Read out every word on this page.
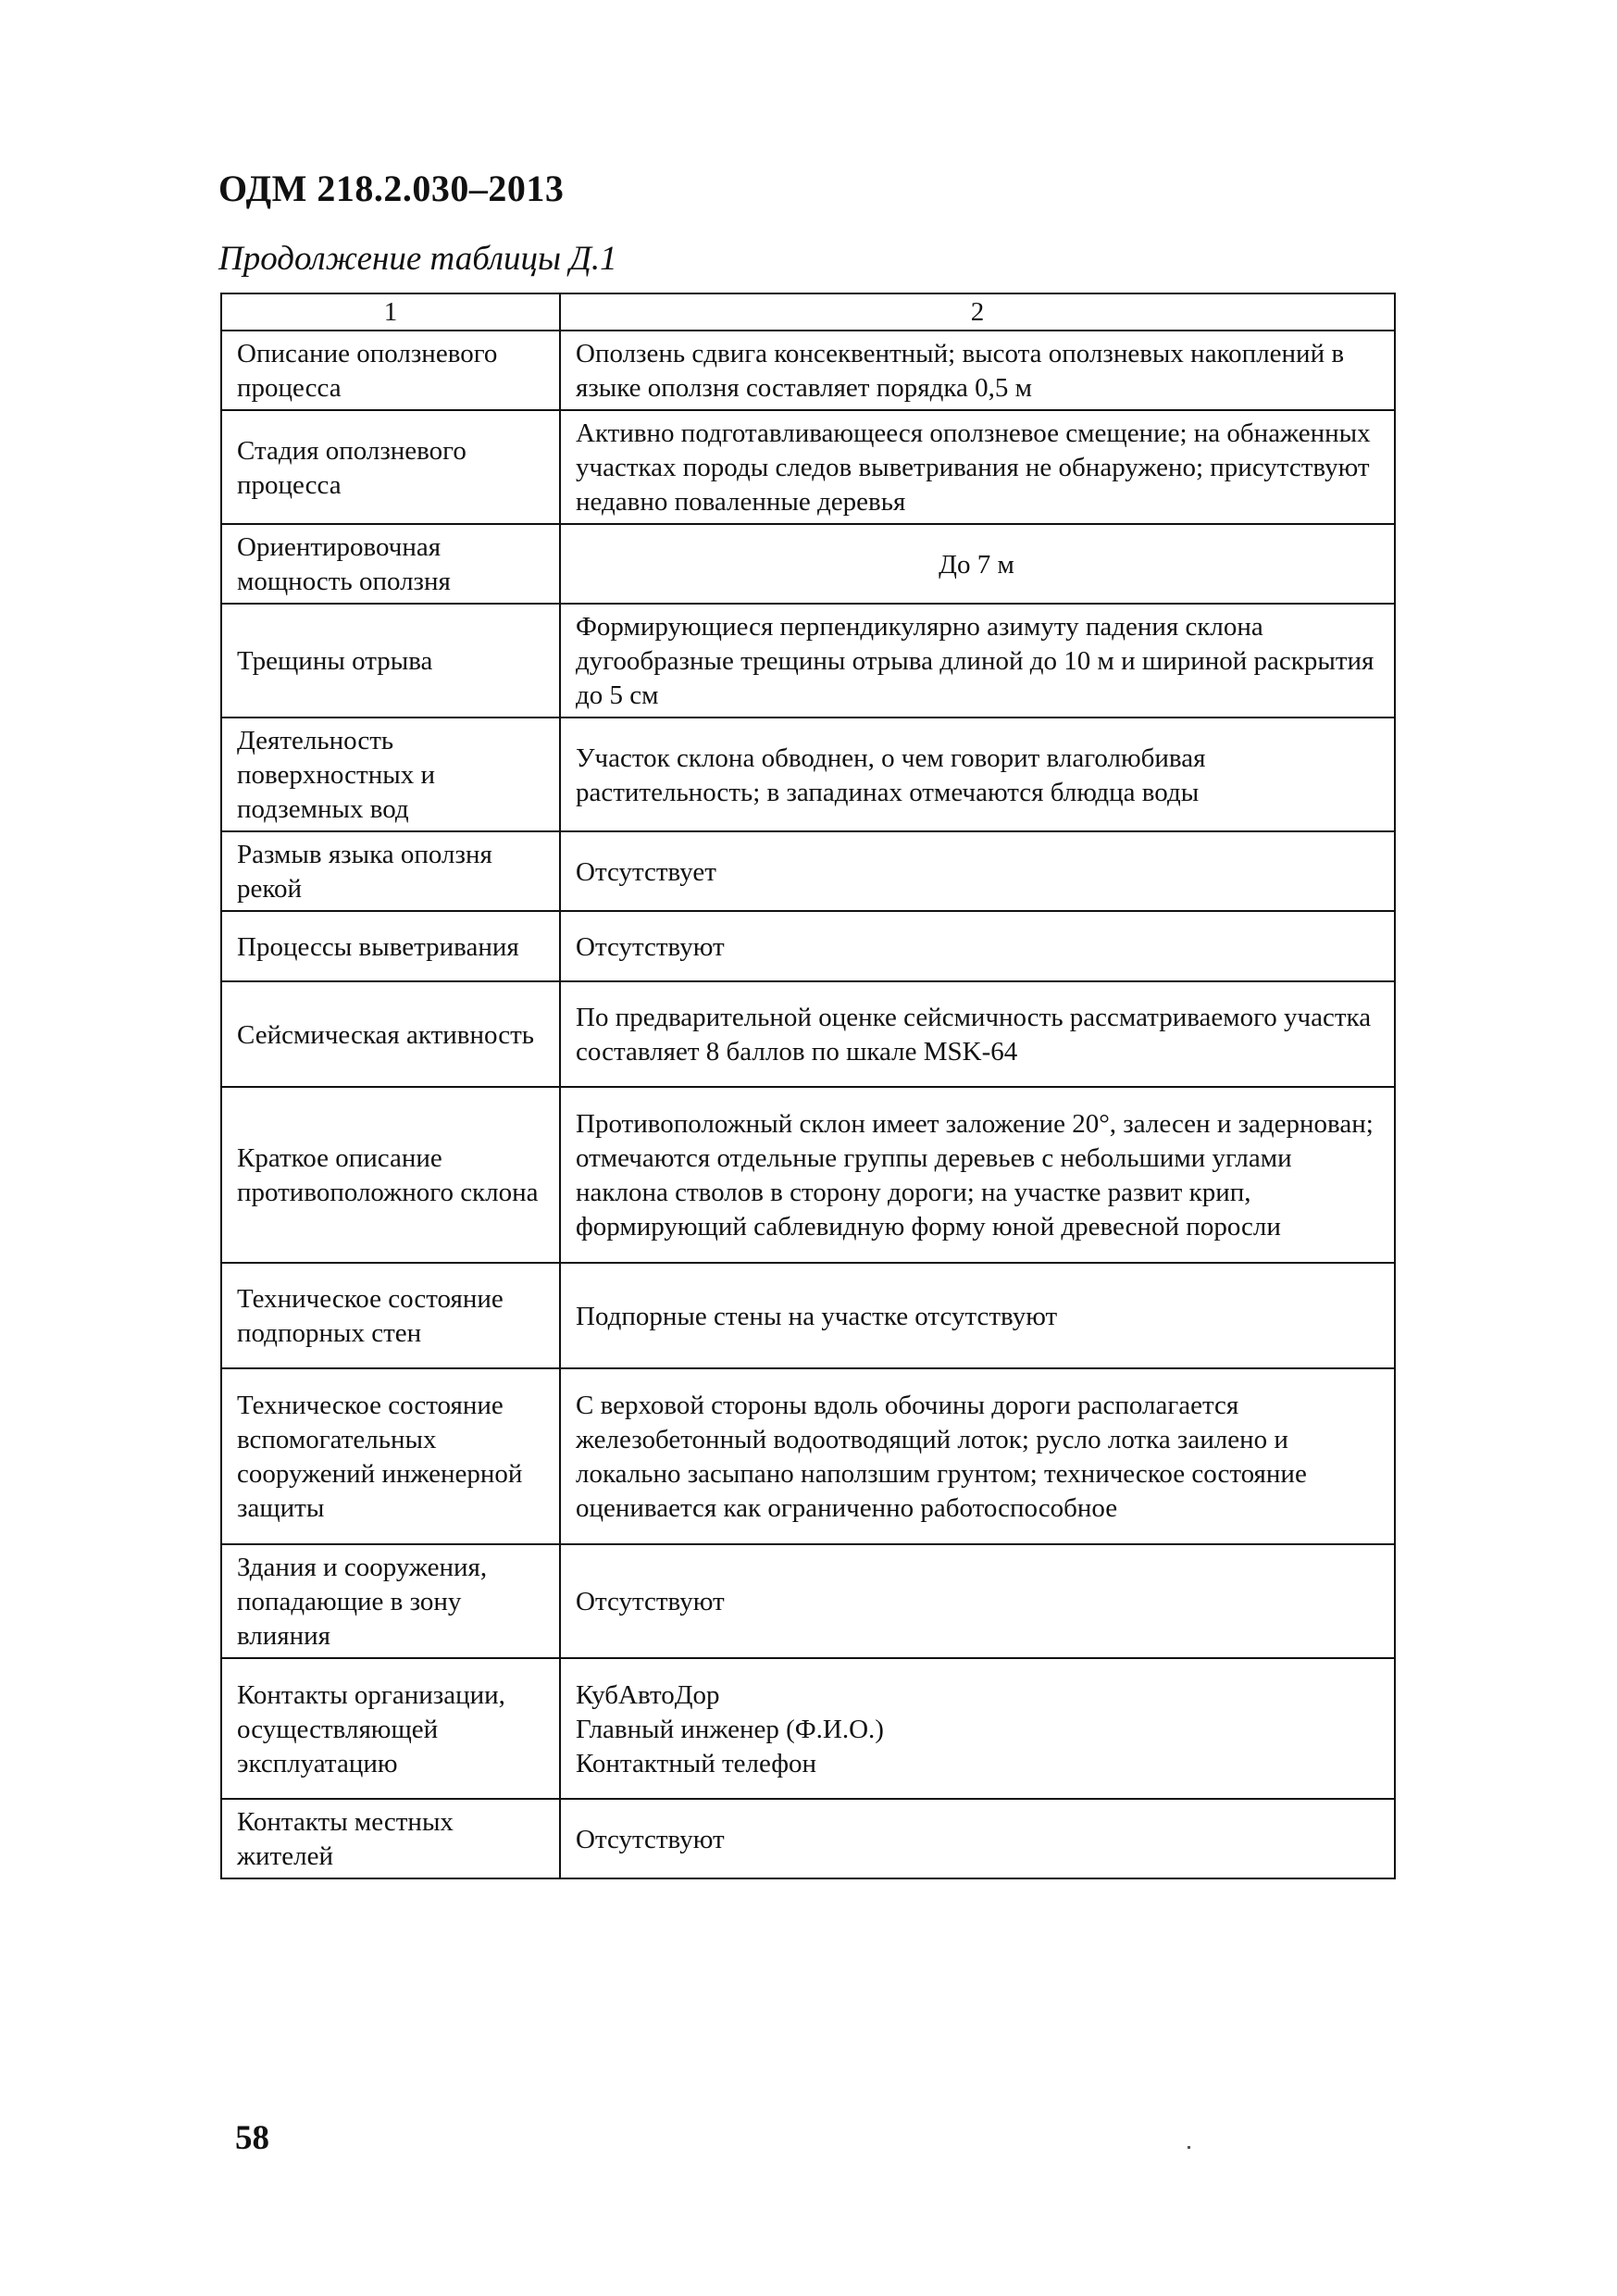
ОДМ 218.2.030–2013
Продолжение таблицы Д.1
1	2
Описание оползневого процесса	Оползень сдвига консеквентный; высота оползневых накоплений в языке оползня составляет порядка 0,5 м
Стадия оползневого процесса	Активно подготавливающееся оползневое смещение; на обнаженных участках породы следов выветривания не обнаружено; присутствуют недавно поваленные деревья
Ориентировочная мощность оползня	До 7 м
Трещины отрыва	Формирующиеся перпендикулярно азимуту падения склона дугообразные трещины отрыва длиной до 10 м и шириной раскрытия до 5 см
Деятельность поверхностных и подземных вод	Участок склона обводнен, о чем говорит влаголюбивая растительность; в западинах отмечаются блюдца воды
Размыв языка оползня рекой	Отсутствует
Процессы выветривания	Отсутствуют
Сейсмическая активность	По предварительной оценке сейсмичность рассматриваемого участка составляет 8 баллов по шкале MSK-64
Краткое описание противоположного склона	Противоположный склон имеет заложение 20°, залесен и задернован; отмечаются отдельные группы деревьев с небольшими углами наклона стволов в сторону дороги; на участке развит крип, формирующий саблевидную форму юной древесной поросли
Техническое состояние подпорных стен	Подпорные стены на участке отсутствуют
Техническое состояние вспомогательных сооружений инженерной защиты	С верховой стороны вдоль обочины дороги располагается железобетонный водоотводящий лоток; русло лотка заилено и локально засыпано наползшим грунтом; техническое состояние оценивается как ограниченно работоспособное
Здания и сооружения, попадающие в зону влияния	Отсутствуют
Контакты организации, осуществляющей эксплуатацию	КубАвтоДор
Главный инженер (Ф.И.О.)
Контактный телефон

Контакты местных жителей	Отсутствуют
58
